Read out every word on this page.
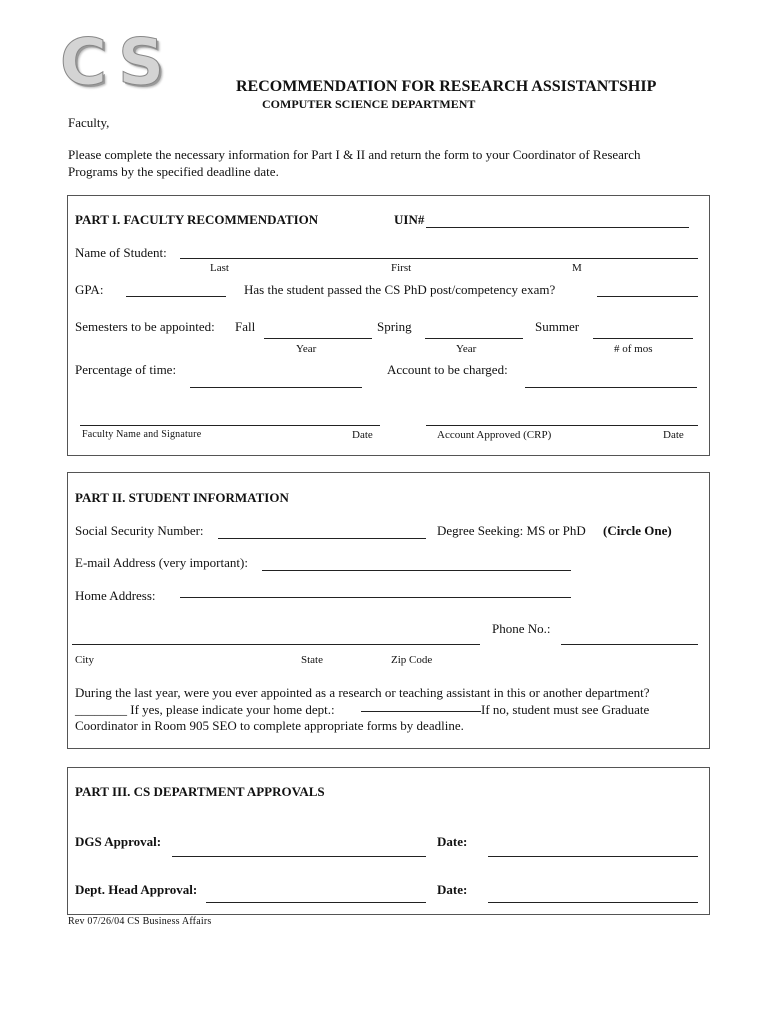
CS	RECOMMENDATION FOR RESEARCH ASSISTANTSHIP
COMPUTER SCIENCE DEPARTMENT
Faculty,
Please complete the necessary information for Part I & II and return the form to your Coordinator of Research
Programs by the specified deadline date.
PART I. FACULTY RECOMMENDATION	UIN#
Name of Student:
Last	First	M
GPA:	Has the student passed the CS PhD post/competency exam?
Semesters to be appointed: Fall	Spring	Summer
Year	Year	# of mos
Percentage of time:	Account to be charged:
Faculty Name and Signature	Date	Account Approved (CRP)	Date
PART II. STUDENT INFORMATION
Social Security Number:	Degree Seeking: MS or PhD (Circle One)
E-mail Address (very important):
Home Address:
Phone No.:
City	State	Zip Code
During the last year, were you ever appointed as a research or teaching assistant in this or another department?
________ If yes, please indicate your home dept.:	If no, student must see Graduate
Coordinator in Room 905 SEO to complete appropriate forms by deadline.
PART III. CS DEPARTMENT APPROVALS
DGS Approval:	Date:
Dept. Head Approval:	Date:
Rev 07/26/04 CS Business Affairs
